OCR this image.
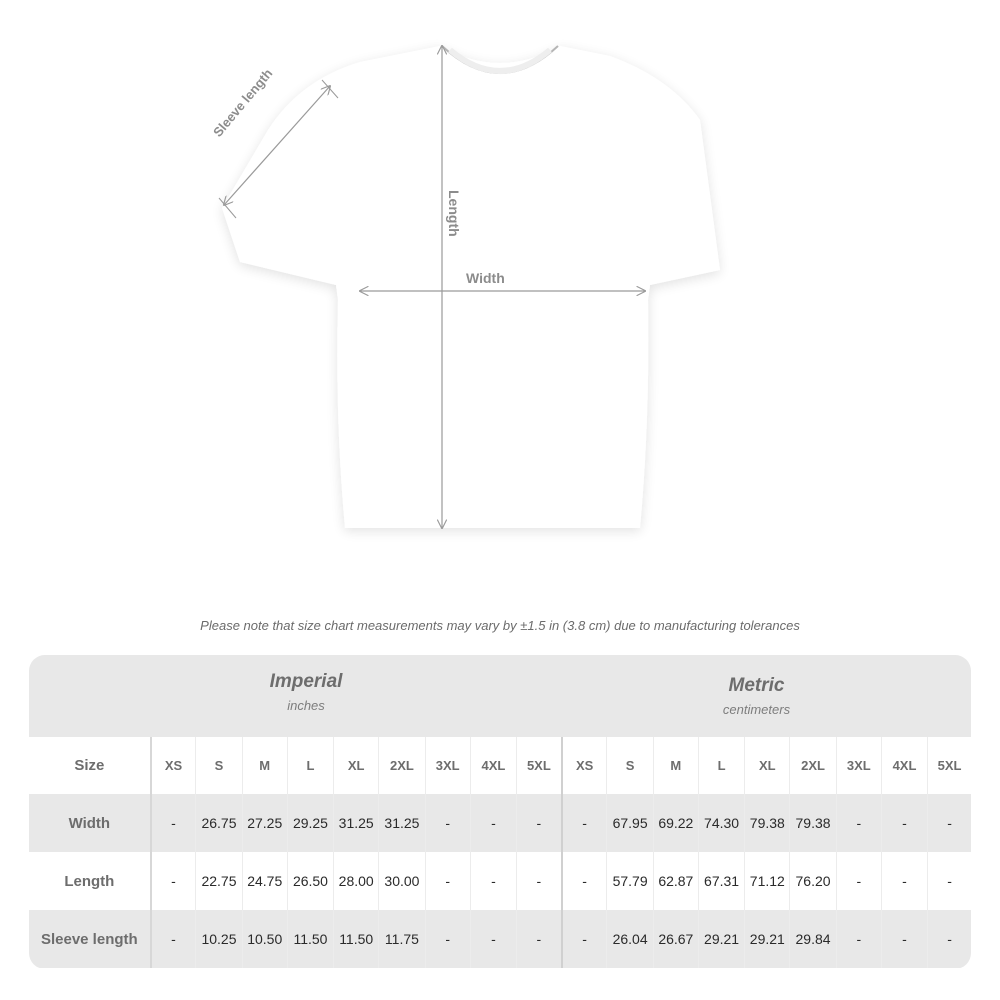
Sleeve length
Length
Width
Please note that size chart measurements may vary by ±1.5 in (3.8 cm) due to manufacturing tolerances
Imperial
inches
Metric
centimeters
Size	XS	S	M	L	XL	2XL	3XL	4XL	5XL	XS	S	M	L	XL	2XL	3XL	4XL	5XL
Width	-	26.75	27.25	29.25	31.25	31.25	-	-	-	-	67.95	69.22	74.30	79.38	79.38	-	-	-
Length	-	22.75	24.75	26.50	28.00	30.00	-	-	-	-	57.79	62.87	67.31	71.12	76.20	-	-	-
Sleeve length	-	10.25	10.50	11.50	11.50	11.75	-	-	-	-	26.04	26.67	29.21	29.21	29.84	-	-	-
